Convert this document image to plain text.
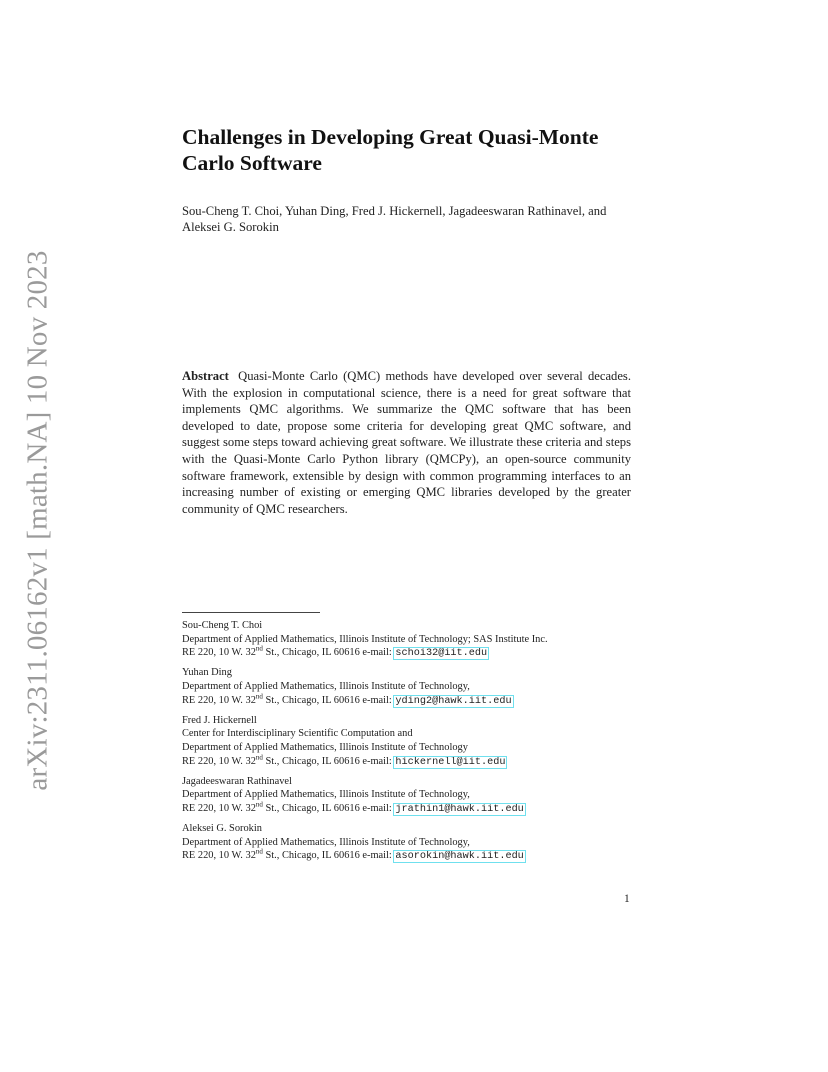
arXiv:2311.06162v1 [math.NA] 10 Nov 2023
Challenges in Developing Great Quasi-Monte Carlo Software

Sou-Cheng T. Choi, Yuhan Ding, Fred J. Hickernell, Jagadeeswaran Rathinavel, and
Aleksei G. Sorokin

Abstract Quasi-Monte Carlo (QMC) methods have developed over several decades. With the explosion in computational science, there is a need for great software that implements QMC algorithms. We summarize the QMC software that has been developed to date, propose some criteria for developing great QMC software, and suggest some steps toward achieving great software. We illustrate these criteria and steps with the Quasi-Monte Carlo Python library (QMCPy), an open-source community software framework, extensible by design with common programming interfaces to an increasing number of existing or emerging QMC libraries developed by the greater community of QMC researchers.

Sou-Cheng T. Choi
Department of Applied Mathematics, Illinois Institute of Technology; SAS Institute Inc.
RE 220, 10 W. 32nd St., Chicago, IL 60616 e-mail: schoi32@iit.edu
Yuhan Ding
Department of Applied Mathematics, Illinois Institute of Technology,
RE 220, 10 W. 32nd St., Chicago, IL 60616 e-mail: yding2@hawk.iit.edu
Fred J. Hickernell
Center for Interdisciplinary Scientific Computation and
Department of Applied Mathematics, Illinois Institute of Technology
RE 220, 10 W. 32nd St., Chicago, IL 60616 e-mail: hickernell@iit.edu
Jagadeeswaran Rathinavel
Department of Applied Mathematics, Illinois Institute of Technology,
RE 220, 10 W. 32nd St., Chicago, IL 60616 e-mail: jrathin1@hawk.iit.edu
Aleksei G. Sorokin
Department of Applied Mathematics, Illinois Institute of Technology,
RE 220, 10 W. 32nd St., Chicago, IL 60616 e-mail: asorokin@hawk.iit.edu
1
